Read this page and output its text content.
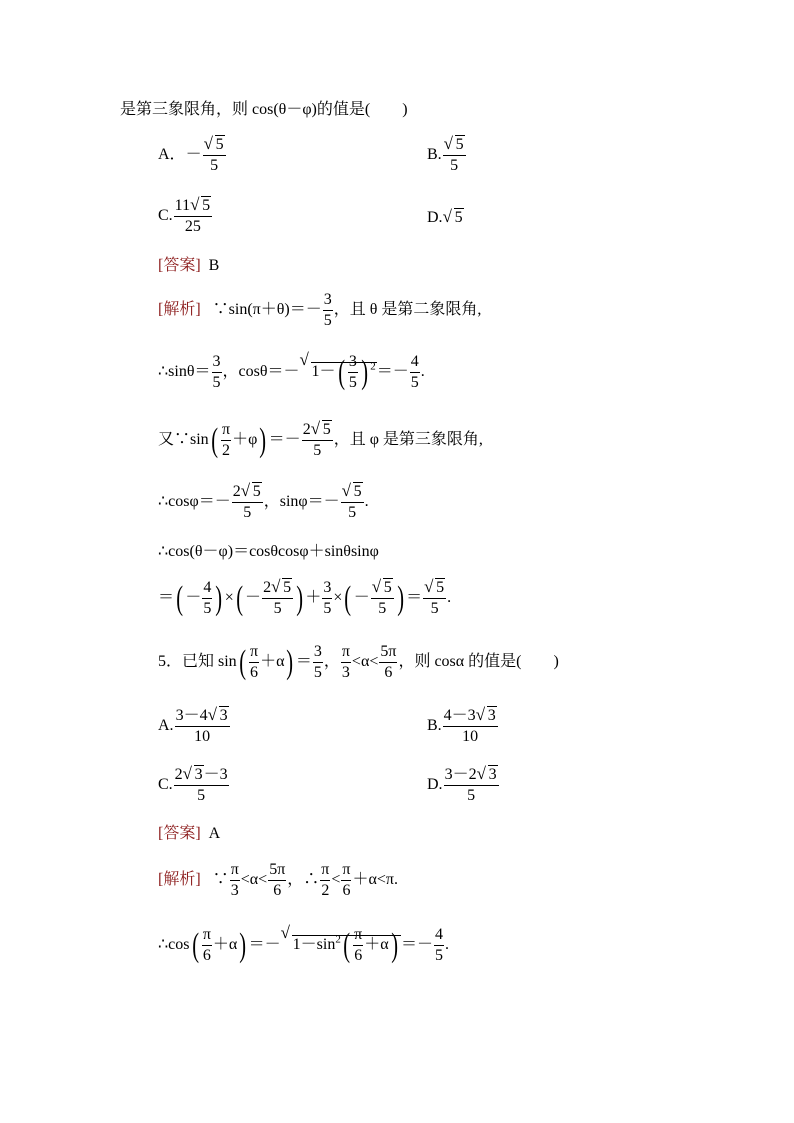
是第三象限角，则 cos(θ－φ)的值是(　　)
A．－ √ $\frac{5}{5}$	B. √ $\frac{5}{5}$
C. $\frac{11 √ 5}{25}$	D. √ 5
[答案] B
[解析] ∵sin(π＋θ)＝－ $\frac{3}{5}$ ，且 θ 是第二象限角,
∴sinθ＝ $\frac{3}{5}$ ，cosθ＝－ √ $1-( \frac{3}{5}$ ) $^2=- \frac{4}{5}$ .
又∵sin( $\frac{\pi}{2} +\varphi) =- \frac{2 √ 5}{5}$ ，且 φ 是第三象限角,
∴cosφ＝－ $\frac{2 √ 5}{5}$ ，sinφ＝－ √ $\frac{5}{5}$ .
∴cos(θ－φ)＝cosθcosφ＋sinθsinφ
＝( － $\frac{4}{5}$ ) ×( － $\frac{2 √ 5}{5}$ ) ＋ $\frac{3}{5}$ ×( － √ $\frac{5}{5}$ ) ＝ √ $\frac{5}{5}$ .
5．已知 $\sin( \frac{\pi}{6} +\alpha) = \frac{3}{5}$ ， $\frac{\pi}{3} <\alpha< \frac{5\pi}{6}$ ，则 cosα 的值是(　　)
A. $\frac{3-4 √ 3}{10}$	B. $\frac{4-3 √ 3}{10}$
C. $\frac{2 √ 3-3}{5}$	D. $\frac{3-2 √ 3}{5}$
[答案] A
[解析] ∵ $\frac{\pi}{3} <\alpha< \frac{5\pi}{6}$ ，∴ $\frac{\pi}{2} < \frac{\pi}{6} +\alpha<\pi$.
∴cos( $\frac{\pi}{6} +\alpha$) ＝－ √ $1-\sin^2( \frac{\pi}{6} +\alpha) =- \frac{4}{5}$ .
